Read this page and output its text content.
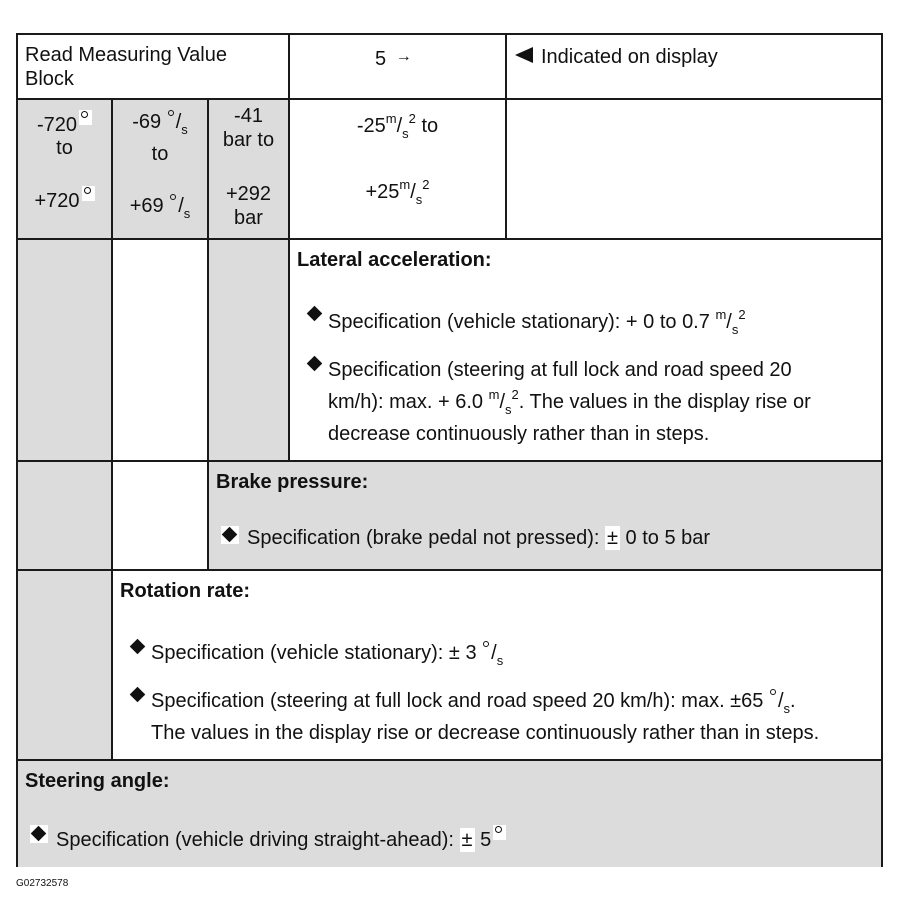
Read Measuring Value Block
5 →	Indicated on display
-720
to
+720
-69 $/_s$
to
+69 $/_s$
-41
bar to
+292
bar
$-25^m/_s^2$ to
$+25^m/_s^2$
Lateral acceleration:
Specification (vehicle stationary): + 0 to 0.7 $^m/_s^2$
Specification (steering at full lock and road speed 20
km/h): max. + 6.0 $^m/_s^2$. The values in the display rise or
decrease continuously rather than in steps.
Brake pressure:
Specification (brake pedal not pressed): ± 0 to 5 bar
Rotation rate:
Specification (vehicle stationary): ± 3 $/_s$
Specification (steering at full lock and road speed 20 km/h): max. ±65 $/_s$.
The values in the display rise or decrease continuously rather than in steps.
Steering angle:
Specification (vehicle driving straight-ahead): ± 5
G02732578
